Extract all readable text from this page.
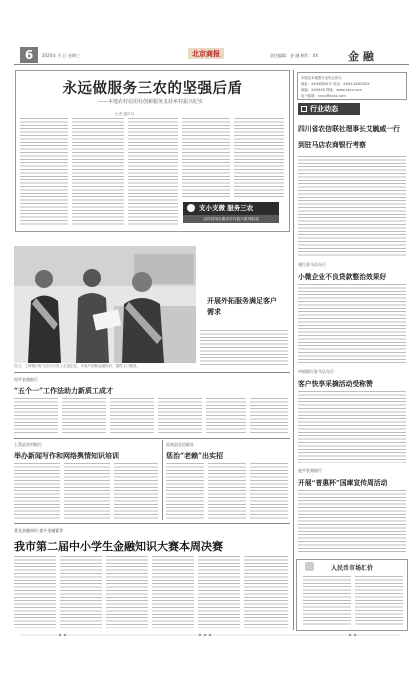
6	2020年 月 日 星期三	北京商报	责任编辑：金 融 制作：XX	金 融
永远做服务三农的坚强后盾
——本地农村信用社创新服务支持乡村振兴纪实
记者 通讯员
支小支微 服务三农
农村信用社服务乡村振兴系列报道
本版由本地银行业协会协办
地址：XXXX路XX号 电话：XXXX-XXXXXXX
邮编：XXXXXX 网址：www.xxxx.com
电子邮箱：xxxx@xxxx.com
行业动态
四川省农信联社理事长艾毓威一行到驻马店农商银行考察
建行驻马店分行
小微企业不良贷款整治效果好
中原银行驻马店分行
客户快享采摘活动受称赞
遂平农商银行
开展“普惠杯”国庫宣传周活动
开展外拓服务满足客户需求
近日，工商银行驻马店分行员工走进企业，为客户讲解金融知识，提供上门服务。
西平农商银行
“五个一”工作法助力新质工成才
上蔡县农村银行
举办新闻写作和网络舆情知识培训
汝南县农信联社
惩治“老赖”出实招
普及金融知识 提升金融素养
我市第二届中小学生金融知识大赛本周决赛
人民币市场汇价
